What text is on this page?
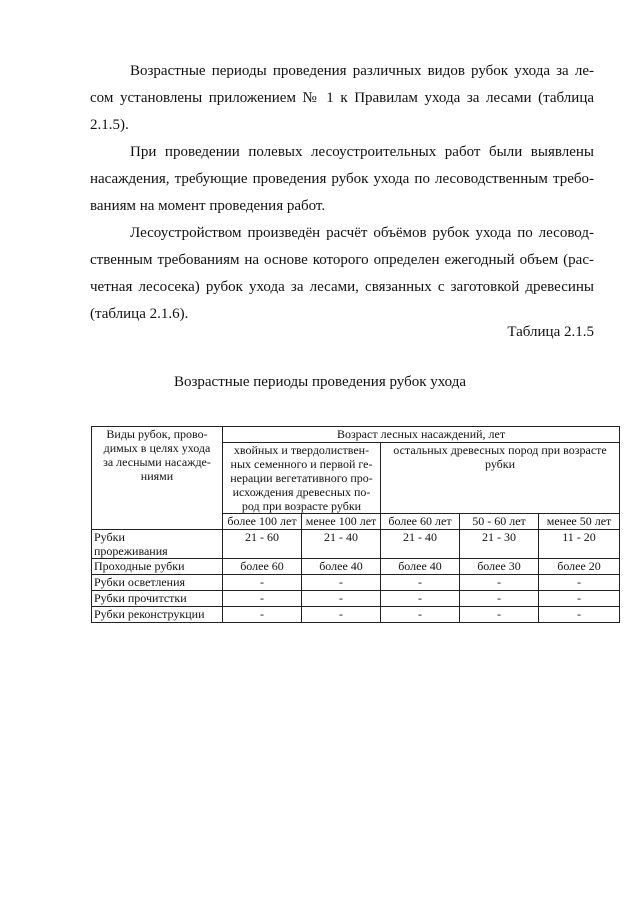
Возрастные периоды проведения различных видов рубок ухода за ле-
сом установлены приложением № 1 к Правилам ухода за лесами (таблица
2.1.5).

При проведении полевых лесоустроительных работ были выявлены
насаждения, требующие проведения рубок ухода по лесоводственным требо-
ваниям на момент проведения работ.

Лесоустройством произведён расчёт объёмов рубок ухода по лесовод-
ственным требованиям на основе которого определен ежегодный объем (рас-
четная лесосека) рубок ухода за лесами, связанных с заготовкой древесины
(таблица 2.1.6).

Таблица 2.1.5
Возрастные периоды проведения рубок ухода
Виды рубок, прово-
димых в целях ухода
за лесными насажде-
ниями	Возраст лесных насаждений, лет				

	хвойных и твердолиствен-
ных семенного и первой ге-
нерации вегетативного про-
исхождения древесных по-
род при возрасте рубки		остальных древесных пород при возрасте рубки		
	более 100 лет	менее 100 лет	более 60 лет	50 - 60 лет	менее 50 лет

Рубки
прореживания	21 - 60	21 - 40	21 - 40	21 - 30	11 - 20
Проходные рубки	более 60	более 40	более 40	более 30	более 20
Рубки осветления	-	-	-	-	-
Рубки прочитстки	-	-	-	-	-
Рубки реконструкции	-	-	-	-	-
